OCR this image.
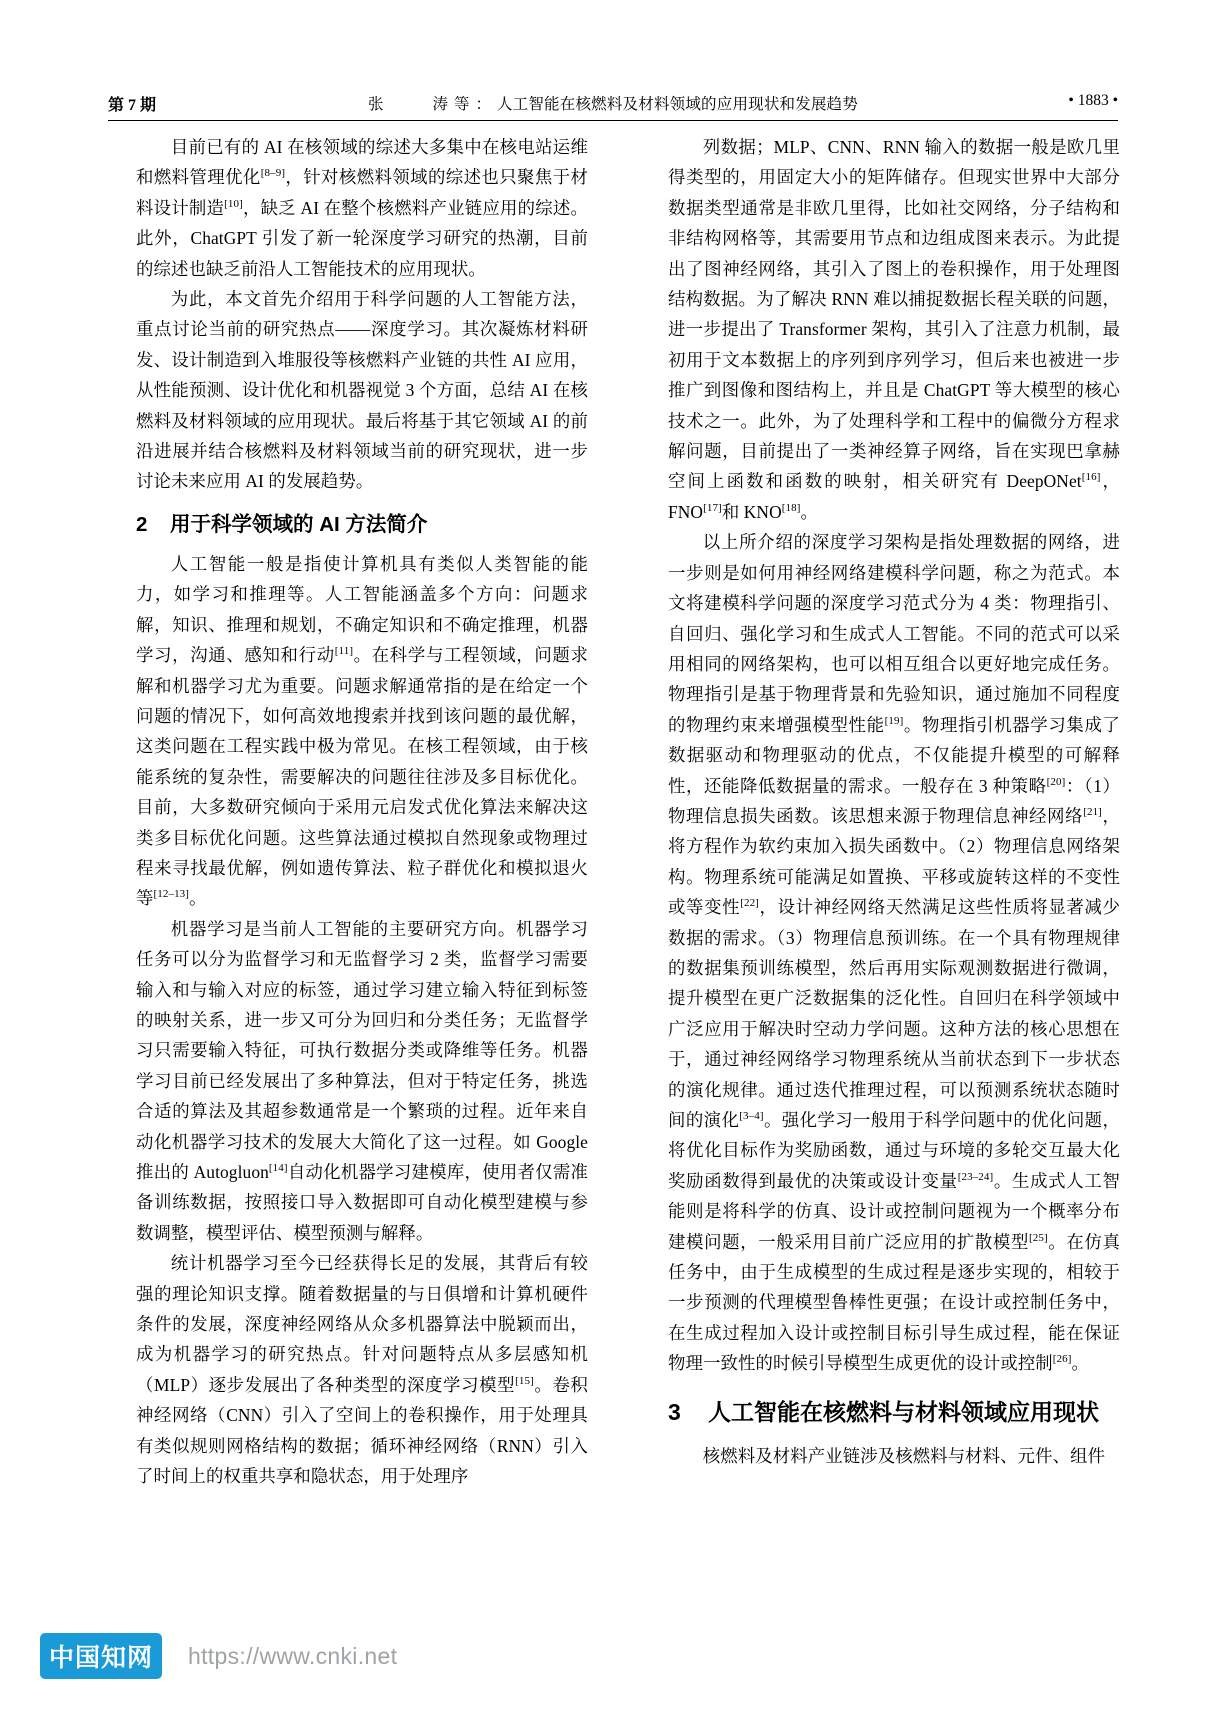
第 7 期	张　　涛等：人工智能在核燃料及材料领域的应用现状和发展趋势	• 1883 •

目前已有的 AI 在核领域的综述大多集中在核电站运维和燃料管理优化[8–9]，针对核燃料领域的综述也只聚焦于材料设计制造[10]，缺乏 AI 在整个核燃料产业链应用的综述。此外，ChatGPT 引发了新一轮深度学习研究的热潮，目前的综述也缺乏前沿人工智能技术的应用现状。

为此，本文首先介绍用于科学问题的人工智能方法，重点讨论当前的研究热点——深度学习。其次凝炼材料研发、设计制造到入堆服役等核燃料产业链的共性 AI 应用，从性能预测、设计优化和机器视觉 3 个方面，总结 AI 在核燃料及材料领域的应用现状。最后将基于其它领域 AI 的前沿进展并结合核燃料及材料领域当前的研究现状，进一步讨论未来应用 AI 的发展趋势。

2 用于科学领域的 AI 方法简介

人工智能一般是指使计算机具有类似人类智能的能力，如学习和推理等。人工智能涵盖多个方向：问题求解，知识、推理和规划，不确定知识和不确定推理，机器学习，沟通、感知和行动[11]。在科学与工程领域，问题求解和机器学习尤为重要。问题求解通常指的是在给定一个问题的情况下，如何高效地搜索并找到该问题的最优解，这类问题在工程实践中极为常见。在核工程领域，由于核能系统的复杂性，需要解决的问题往往涉及多目标优化。目前，大多数研究倾向于采用元启发式优化算法来解决这类多目标优化问题。这些算法通过模拟自然现象或物理过程来寻找最优解，例如遗传算法、粒子群优化和模拟退火等[12–13]。

机器学习是当前人工智能的主要研究方向。机器学习任务可以分为监督学习和无监督学习 2 类，监督学习需要输入和与输入对应的标签，通过学习建立输入特征到标签的映射关系，进一步又可分为回归和分类任务；无监督学习只需要输入特征，可执行数据分类或降维等任务。机器学习目前已经发展出了多种算法，但对于特定任务，挑选合适的算法及其超参数通常是一个繁琐的过程。近年来自动化机器学习技术的发展大大简化了这一过程。如 Google 推出的 Autogluon[14]自动化机器学习建模库，使用者仅需准备训练数据，按照接口导入数据即可自动化模型建模与参数调整，模型评估、模型预测与解释。

统计机器学习至今已经获得长足的发展，其背后有较强的理论知识支撑。随着数据量的与日俱增和计算机硬件条件的发展，深度神经网络从众多机器算法中脱颖而出，成为机器学习的研究热点。针对问题特点从多层感知机（MLP）逐步发展出了各种类型的深度学习模型[15]。卷积神经网络（CNN）引入了空间上的卷积操作，用于处理具有类似规则网格结构的数据；循环神经网络（RNN）引入了时间上的权重共享和隐状态，用于处理序

列数据；MLP、CNN、RNN 输入的数据一般是欧几里得类型的，用固定大小的矩阵储存。但现实世界中大部分数据类型通常是非欧几里得，比如社交网络，分子结构和非结构网格等，其需要用节点和边组成图来表示。为此提出了图神经网络，其引入了图上的卷积操作，用于处理图结构数据。为了解决 RNN 难以捕捉数据长程关联的问题，进一步提出了 Transformer 架构，其引入了注意力机制，最初用于文本数据上的序列到序列学习，但后来也被进一步推广到图像和图结构上，并且是 ChatGPT 等大模型的核心技术之一。此外，为了处理科学和工程中的偏微分方程求解问题，目前提出了一类神经算子网络，旨在实现巴拿赫空间上函数和函数的映射，相关研究有 DeepONet[16]，FNO[17]和 KNO[18]。

以上所介绍的深度学习架构是指处理数据的网络，进一步则是如何用神经网络建模科学问题，称之为范式。本文将建模科学问题的深度学习范式分为 4 类：物理指引、自回归、强化学习和生成式人工智能。不同的范式可以采用相同的网络架构，也可以相互组合以更好地完成任务。物理指引是基于物理背景和先验知识，通过施加不同程度的物理约束来增强模型性能[19]。物理指引机器学习集成了数据驱动和物理驱动的优点，不仅能提升模型的可解释性，还能降低数据量的需求。一般存在 3 种策略[20]：（1）物理信息损失函数。该思想来源于物理信息神经网络[21]，将方程作为软约束加入损失函数中。（2）物理信息网络架构。物理系统可能满足如置换、平移或旋转这样的不变性或等变性[22]，设计神经网络天然满足这些性质将显著减少数据的需求。（3）物理信息预训练。在一个具有物理规律的数据集预训练模型，然后再用实际观测数据进行微调，提升模型在更广泛数据集的泛化性。自回归在科学领域中广泛应用于解决时空动力学问题。这种方法的核心思想在于，通过神经网络学习物理系统从当前状态到下一步状态的演化规律。通过迭代推理过程，可以预测系统状态随时间的演化[3–4]。强化学习一般用于科学问题中的优化问题，将优化目标作为奖励函数，通过与环境的多轮交互最大化奖励函数得到最优的决策或设计变量[23–24]。生成式人工智能则是将科学的仿真、设计或控制问题视为一个概率分布建模问题，一般采用目前广泛应用的扩散模型[25]。在仿真任务中，由于生成模型的生成过程是逐步实现的，相较于一步预测的代理模型鲁棒性更强；在设计或控制任务中，在生成过程加入设计或控制目标引导生成过程，能在保证物理一致性的时候引导模型生成更优的设计或控制[26]。

3 人工智能在核燃料与材料领域应用现状

核燃料及材料产业链涉及核燃料与材料、元件、组件

中国知网	https://www.cnki.net
